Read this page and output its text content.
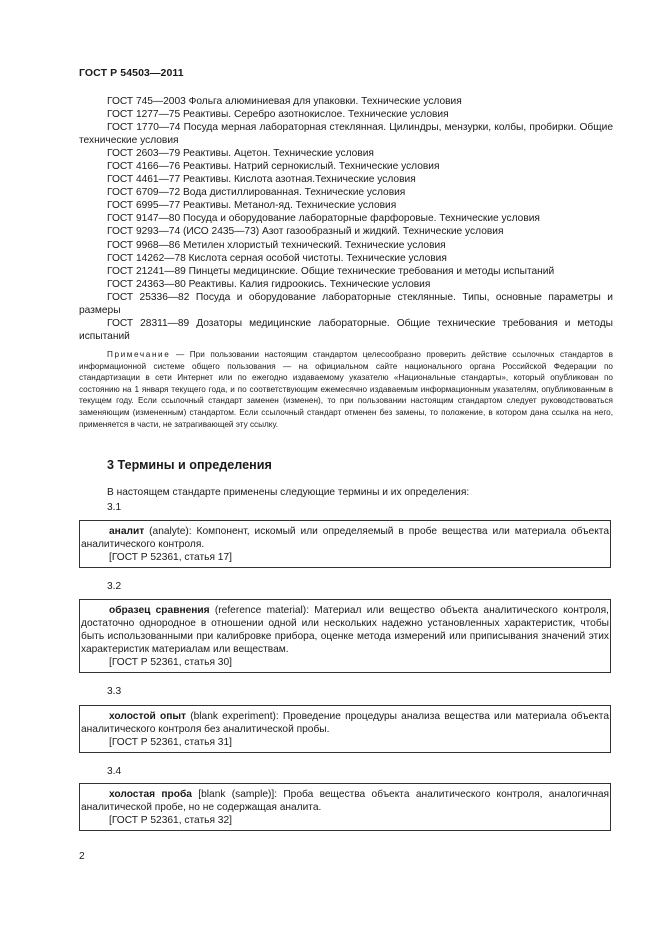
ГОСТ Р 54503—2011
ГОСТ 745—2003 Фольга алюминиевая для упаковки. Технические условия
ГОСТ 1277—75 Реактивы. Серебро азотнокислое. Технические условия
ГОСТ 1770—74 Посуда мерная лабораторная стеклянная. Цилиндры, мензурки, колбы, пробирки. Общие технические условия
ГОСТ 2603—79 Реактивы. Ацетон. Технические условия
ГОСТ 4166—76 Реактивы. Натрий сернокислый. Технические условия
ГОСТ 4461—77 Реактивы. Кислота азотная.Технические условия
ГОСТ 6709—72 Вода дистиллированная. Технические условия
ГОСТ 6995—77 Реактивы. Метанол-яд. Технические условия
ГОСТ 9147—80 Посуда и оборудование лабораторные фарфоровые. Технические условия
ГОСТ 9293—74 (ИСО 2435—73) Азот газообразный и жидкий. Технические условия
ГОСТ 9968—86 Метилен хлористый технический. Технические условия
ГОСТ 14262—78 Кислота серная особой чистоты. Технические условия
ГОСТ 21241—89 Пинцеты медицинские. Общие технические требования и методы испытаний
ГОСТ 24363—80 Реактивы. Калия гидроокись. Технические условия
ГОСТ 25336—82 Посуда и оборудование лабораторные стеклянные. Типы, основные параметры и размеры
ГОСТ 28311—89 Дозаторы медицинские лабораторные. Общие технические требования и методы испытаний
Примечание — При пользовании настоящим стандартом целесообразно проверить действие ссылочных стандартов в информационной системе общего пользования — на официальном сайте национального органа Российской Федерации по стандартизации в сети Интернет или по ежегодно издаваемому указателю «Национальные стандарты», который опубликован по состоянию на 1 января текущего года, и по соответствующим ежемесячно издаваемым информационным указателям, опубликованным в текущем году. Если ссылочный стандарт заменен (изменен), то при пользовании настоящим стандартом следует руководствоваться заменяющим (измененным) стандартом. Если ссылочный стандарт отменен без замены, то положение, в котором дана ссылка на него, применяется в части, не затрагивающей эту ссылку.
3 Термины и определения
В настоящем стандарте применены следующие термины и их определения:
3.1

аналит (analyte): Компонент, искомый или определяемый в пробе вещества или материала объекта аналитического контроля.

[ГОСТ Р 52361, статья 17]

3.2

образец сравнения (reference material): Материал или вещество объекта аналитического контроля, достаточно однородное в отношении одной или нескольких надежно установленных характеристик, чтобы быть использованными при калибровке прибора, оценке метода измерений или приписывания значений этих характеристик материалам или веществам.

[ГОСТ Р 52361, статья 30]

3.3

холостой опыт (blank experiment): Проведение процедуры анализа вещества или материала объекта аналитического контроля без аналитической пробы.

[ГОСТ Р 52361, статья 31]

3.4

холостая проба [blank (sample)]: Проба вещества объекта аналитического контроля, аналогичная аналитической пробе, но не содержащая аналита.

[ГОСТ Р 52361, статья 32]

2
